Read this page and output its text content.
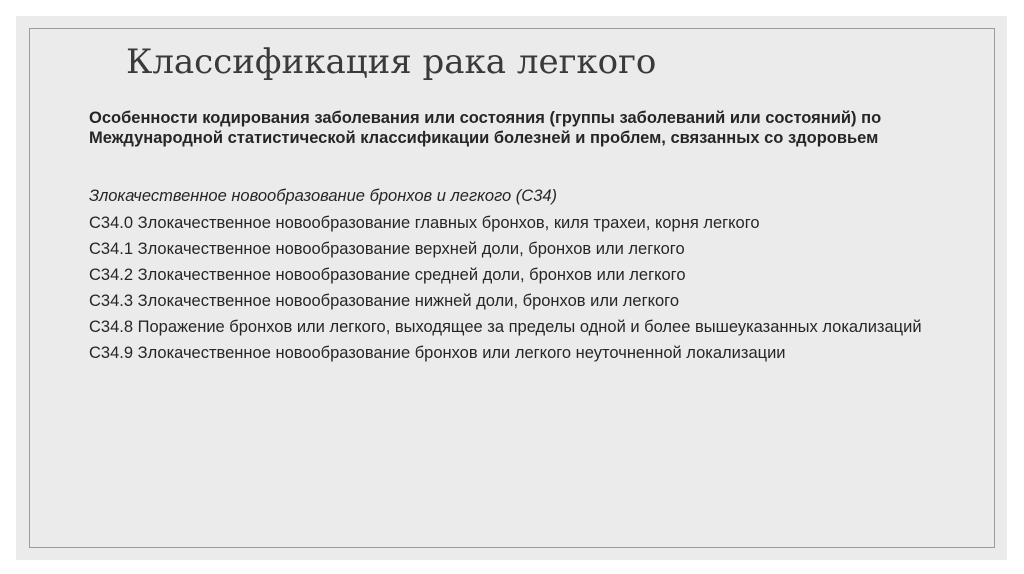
Классификация рака легкого

Особенности кодирования заболевания или состояния (группы заболеваний или состояний) по Международной статистической классификации болезней и проблем, связанных со здоровьем

Злокачественное новообразование бронхов и легкого (C34)

C34.0 Злокачественное новообразование главных бронхов, киля трахеи, корня легкого
C34.1 Злокачественное новообразование верхней доли, бронхов или легкого
C34.2 Злокачественное новообразование средней доли, бронхов или легкого
C34.3 Злокачественное новообразование нижней доли, бронхов или легкого
C34.8 Поражение бронхов или легкого, выходящее за пределы одной и более вышеуказанных локализаций
C34.9 Злокачественное новообразование бронхов или легкого неуточненной локализации
